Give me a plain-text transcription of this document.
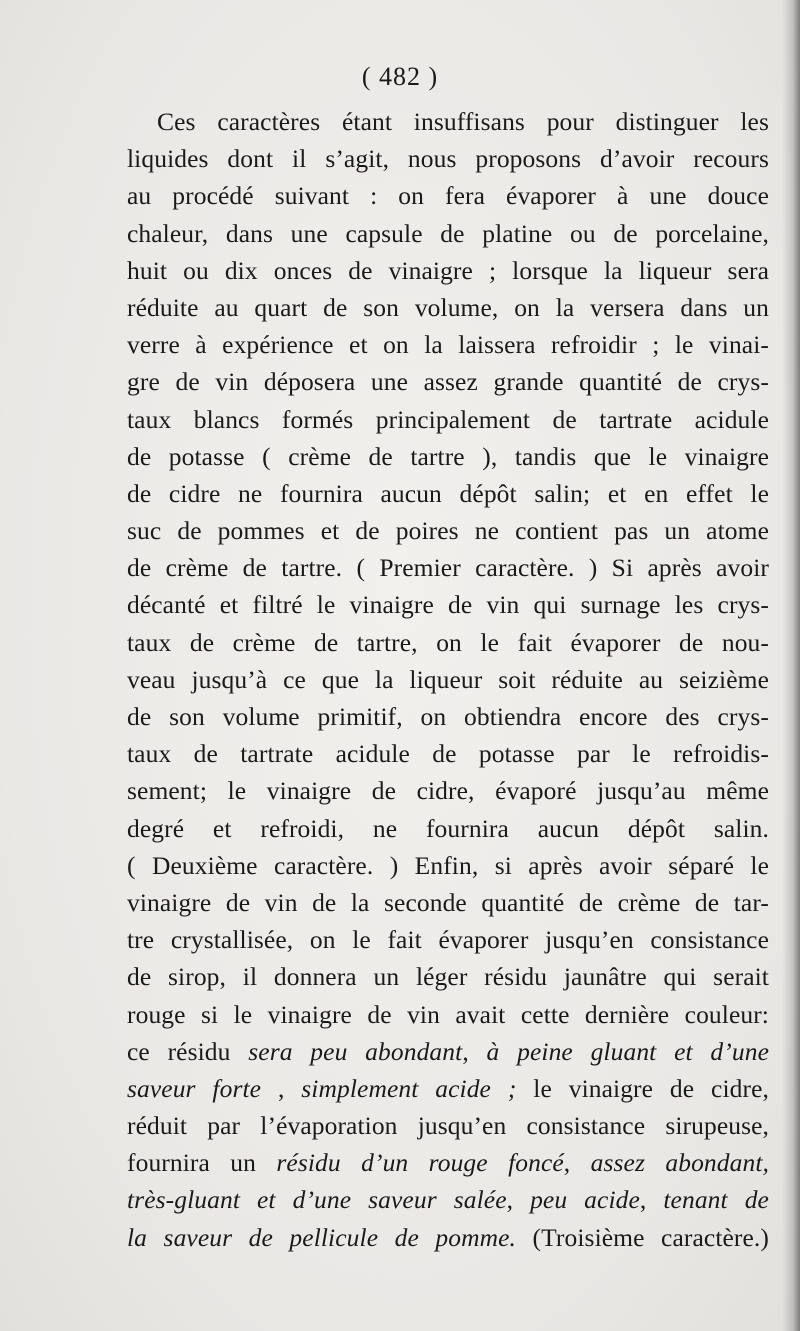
( 482 )
Ces caractères étant insuffisans pour distinguer les
liquides dont il s’agit, nous proposons d’avoir recours
au procédé suivant : on fera évaporer à une douce
chaleur, dans une capsule de platine ou de porcelaine,
huit ou dix onces de vinaigre ; lorsque la liqueur sera
réduite au quart de son volume, on la versera dans un
verre à expérience et on la laissera refroidir ; le vinai-
gre de vin déposera une assez grande quantité de crys-
taux blancs formés principalement de tartrate acidule
de potasse ( crème de tartre ), tandis que le vinaigre
de cidre ne fournira aucun dépôt salin; et en effet le
suc de pommes et de poires ne contient pas un atome
de crème de tartre. ( Premier caractère. ) Si après avoir
décanté et filtré le vinaigre de vin qui surnage les crys-
taux de crème de tartre, on le fait évaporer de nou-
veau jusqu’à ce que la liqueur soit réduite au seizième
de son volume primitif, on obtiendra encore des crys-
taux de tartrate acidule de potasse par le refroidis-
sement; le vinaigre de cidre, évaporé jusqu’au même
degré et refroidi, ne fournira aucun dépôt salin.
( Deuxième caractère. ) Enfin, si après avoir séparé le
vinaigre de vin de la seconde quantité de crème de tar-
tre crystallisée, on le fait évaporer jusqu’en consistance
de sirop, il donnera un léger résidu jaunâtre qui serait
rouge si le vinaigre de vin avait cette dernière couleur:
ce résidu sera peu abondant, à peine gluant et d’une
saveur forte , simplement acide ; le vinaigre de cidre,
réduit par l’évaporation jusqu’en consistance sirupeuse,
fournira un résidu d’un rouge foncé, assez abondant,
très-gluant et d’une saveur salée, peu acide, tenant de
la saveur de pellicule de pomme. (Troisième caractère.)
